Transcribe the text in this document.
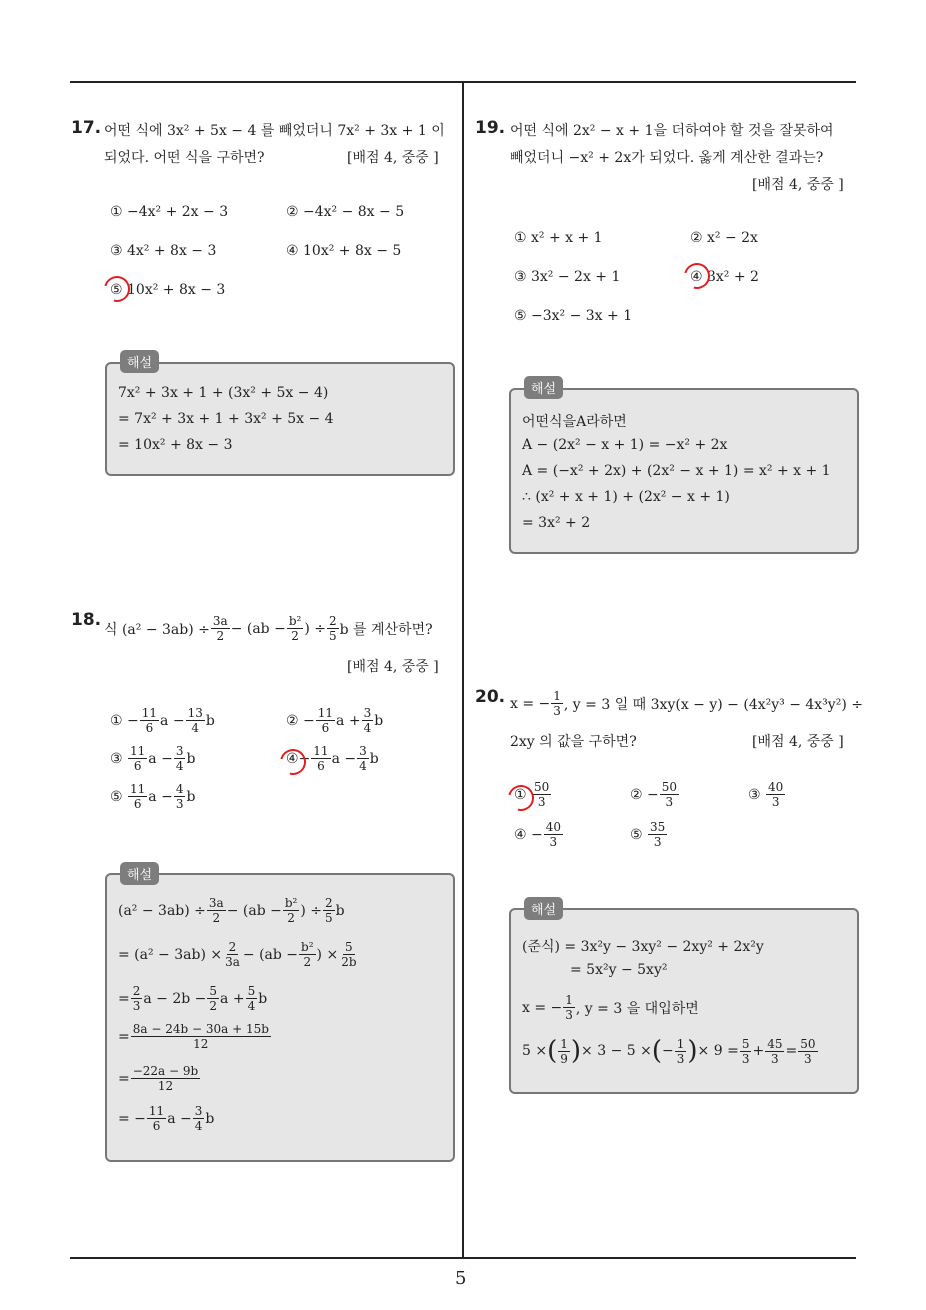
5
17. 어떤 식에 3x² + 5x − 4 를 빼었더니 7x² + 3x + 1 이
되었다. 어떤 식을 구하면?	[배점 4, 중중 ]
① −4x² + 2x − 3	② −4x² − 8x − 5
③ 4x² + 8x − 3	④ 10x² + 8x − 5
⑤ 10x² + 8x − 3
해설
7x² + 3x + 1 + (3x² + 5x − 4)
= 7x² + 3x + 1 + 3x² + 5x − 4
= 10x² + 8x − 3
18. 식 $(a^2 - 3ab) \div \frac{3a}{2} - (ab - \frac{\text{b²}}{2}$ ) ÷ $\frac{2}{5}$ b 를 계산하면?
[배점 4, 중중 ]
① − $\frac{11}{6}$ $a - \frac{13}{4}$ b	② − $\frac{11}{6}$ $a + \frac{3}{4}$ b
③
$\frac{11}{6}$ $a - \frac{3}{4}$ b	④ − $\frac{11}{6}$ $a - \frac{3}{4}$ b
⑤
$\frac{11}{6}$ $a - \frac{4}{3}$ b
해설
$(a^2 - 3ab) \div \frac{3a}{2} - (ab - \frac{\text{b²}}{2}$ ) ÷ $\frac{2}{5}$ b
= $(a^2 - 3ab) \times \frac{2}{3a} - (ab - \frac{\text{b²}}{2}$ ) × $\frac{5}{2b}$
= $\frac{2}{3}$ $a - 2b - \frac{5}{2}$ $a + \frac{5}{4}$ b
= $\frac{8a - 24b - 30a + 15b}{12}$
= $\frac{-22a - 9b}{12}$
= − $\frac{11}{6}$ $a - \frac{3}{4}$ b
19. 어떤 식에 2x² − x + 1을 더하여야 할 것을 잘못하여
빼었더니 −x² + 2x가 되었다. 옳게 계산한 결과는?
[배점 4, 중중 ]
① x² + x + 1	② x² − 2x
③ 3x² − 2x + 1	④ 3x² + 2
⑤ −3x² − 3x + 1
해설
어떤식을A라하면
A − (2x² − x + 1) = −x² + 2x
A = (−x² + 2x) + (2x² − x + 1) = x² + x + 1
∴ (x² + x + 1) + (2x² − x + 1)
= 3x² + 2
20. x = − $\frac{1}{3}$ , y = 3 일 때 3xy(x − y) − (4x²y³ − 4x³y²) ÷
2xy 의 값을 구하면?	[배점 4, 중중 ]
① $\frac{50}{3}$	② − $\frac{50}{3}$	③ $\frac{40}{3}$
④ − $\frac{40}{3}$	⑤ $\frac{35}{3}$
해설
(준식) = 3x²y − 3xy² − 2xy² + 2x²y
= 5x²y − 5xy²
x = − $\frac{1}{3}$ , y = 3 을 대입하면
5 × ( $\frac{1}{9}$ ) × 3 − 5 × ( − $\frac{1}{3}$ ) × $9 = \frac{5}{3} + \frac{45}{3} = \frac{50}{3}$
